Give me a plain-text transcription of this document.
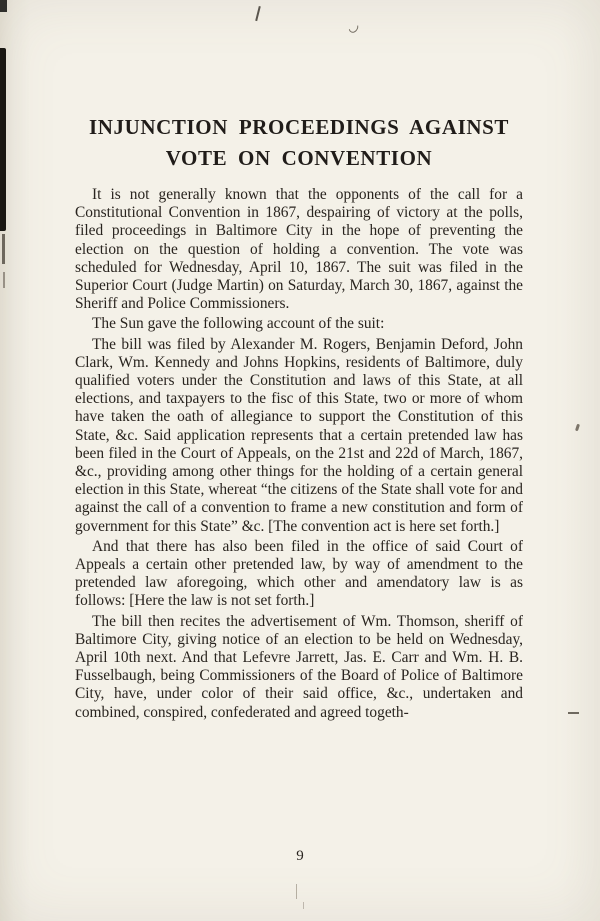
INJUNCTION PROCEEDINGS AGAINST
VOTE ON CONVENTION

It is not generally known that the opponents of the call for a Constitutional Convention in 1867, despairing of victory at the polls, filed proceedings in Baltimore City in the hope of preventing the election on the question of holding a convention. The vote was scheduled for Wednesday, April 10, 1867. The suit was filed in the Superior Court (Judge Martin) on Saturday, March 30, 1867, against the Sheriff and Police Commissioners.

The Sun gave the following account of the suit:

The bill was filed by Alexander M. Rogers, Benjamin Deford, John Clark, Wm. Kennedy and Johns Hopkins, residents of Baltimore, duly qualified voters under the Constitution and laws of this State, at all elections, and taxpayers to the fisc of this State, two or more of whom have taken the oath of allegiance to support the Constitution of this State, &c. Said application represents that a certain pretended law has been filed in the Court of Appeals, on the 21st and 22d of March, 1867, &c., providing among other things for the holding of a certain general election in this State, whereat “the citizens of the State shall vote for and against the call of a convention to frame a new constitution and form of government for this State” &c. [The convention act is here set forth.]

And that there has also been filed in the office of said Court of Appeals a certain other pretended law, by way of amendment to the pretended law aforegoing, which other and amendatory law is as follows: [Here the law is not set forth.]

The bill then recites the advertisement of Wm. Thomson, sheriff of Baltimore City, giving notice of an election to be held on Wednesday, April 10th next. And that Lefevre Jarrett, Jas. E. Carr and Wm. H. B. Fusselbaugh, being Commissioners of the Board of Police of Baltimore City, have, under color of their said office, &c., undertaken and combined, conspired, confederated and agreed togeth-

9
